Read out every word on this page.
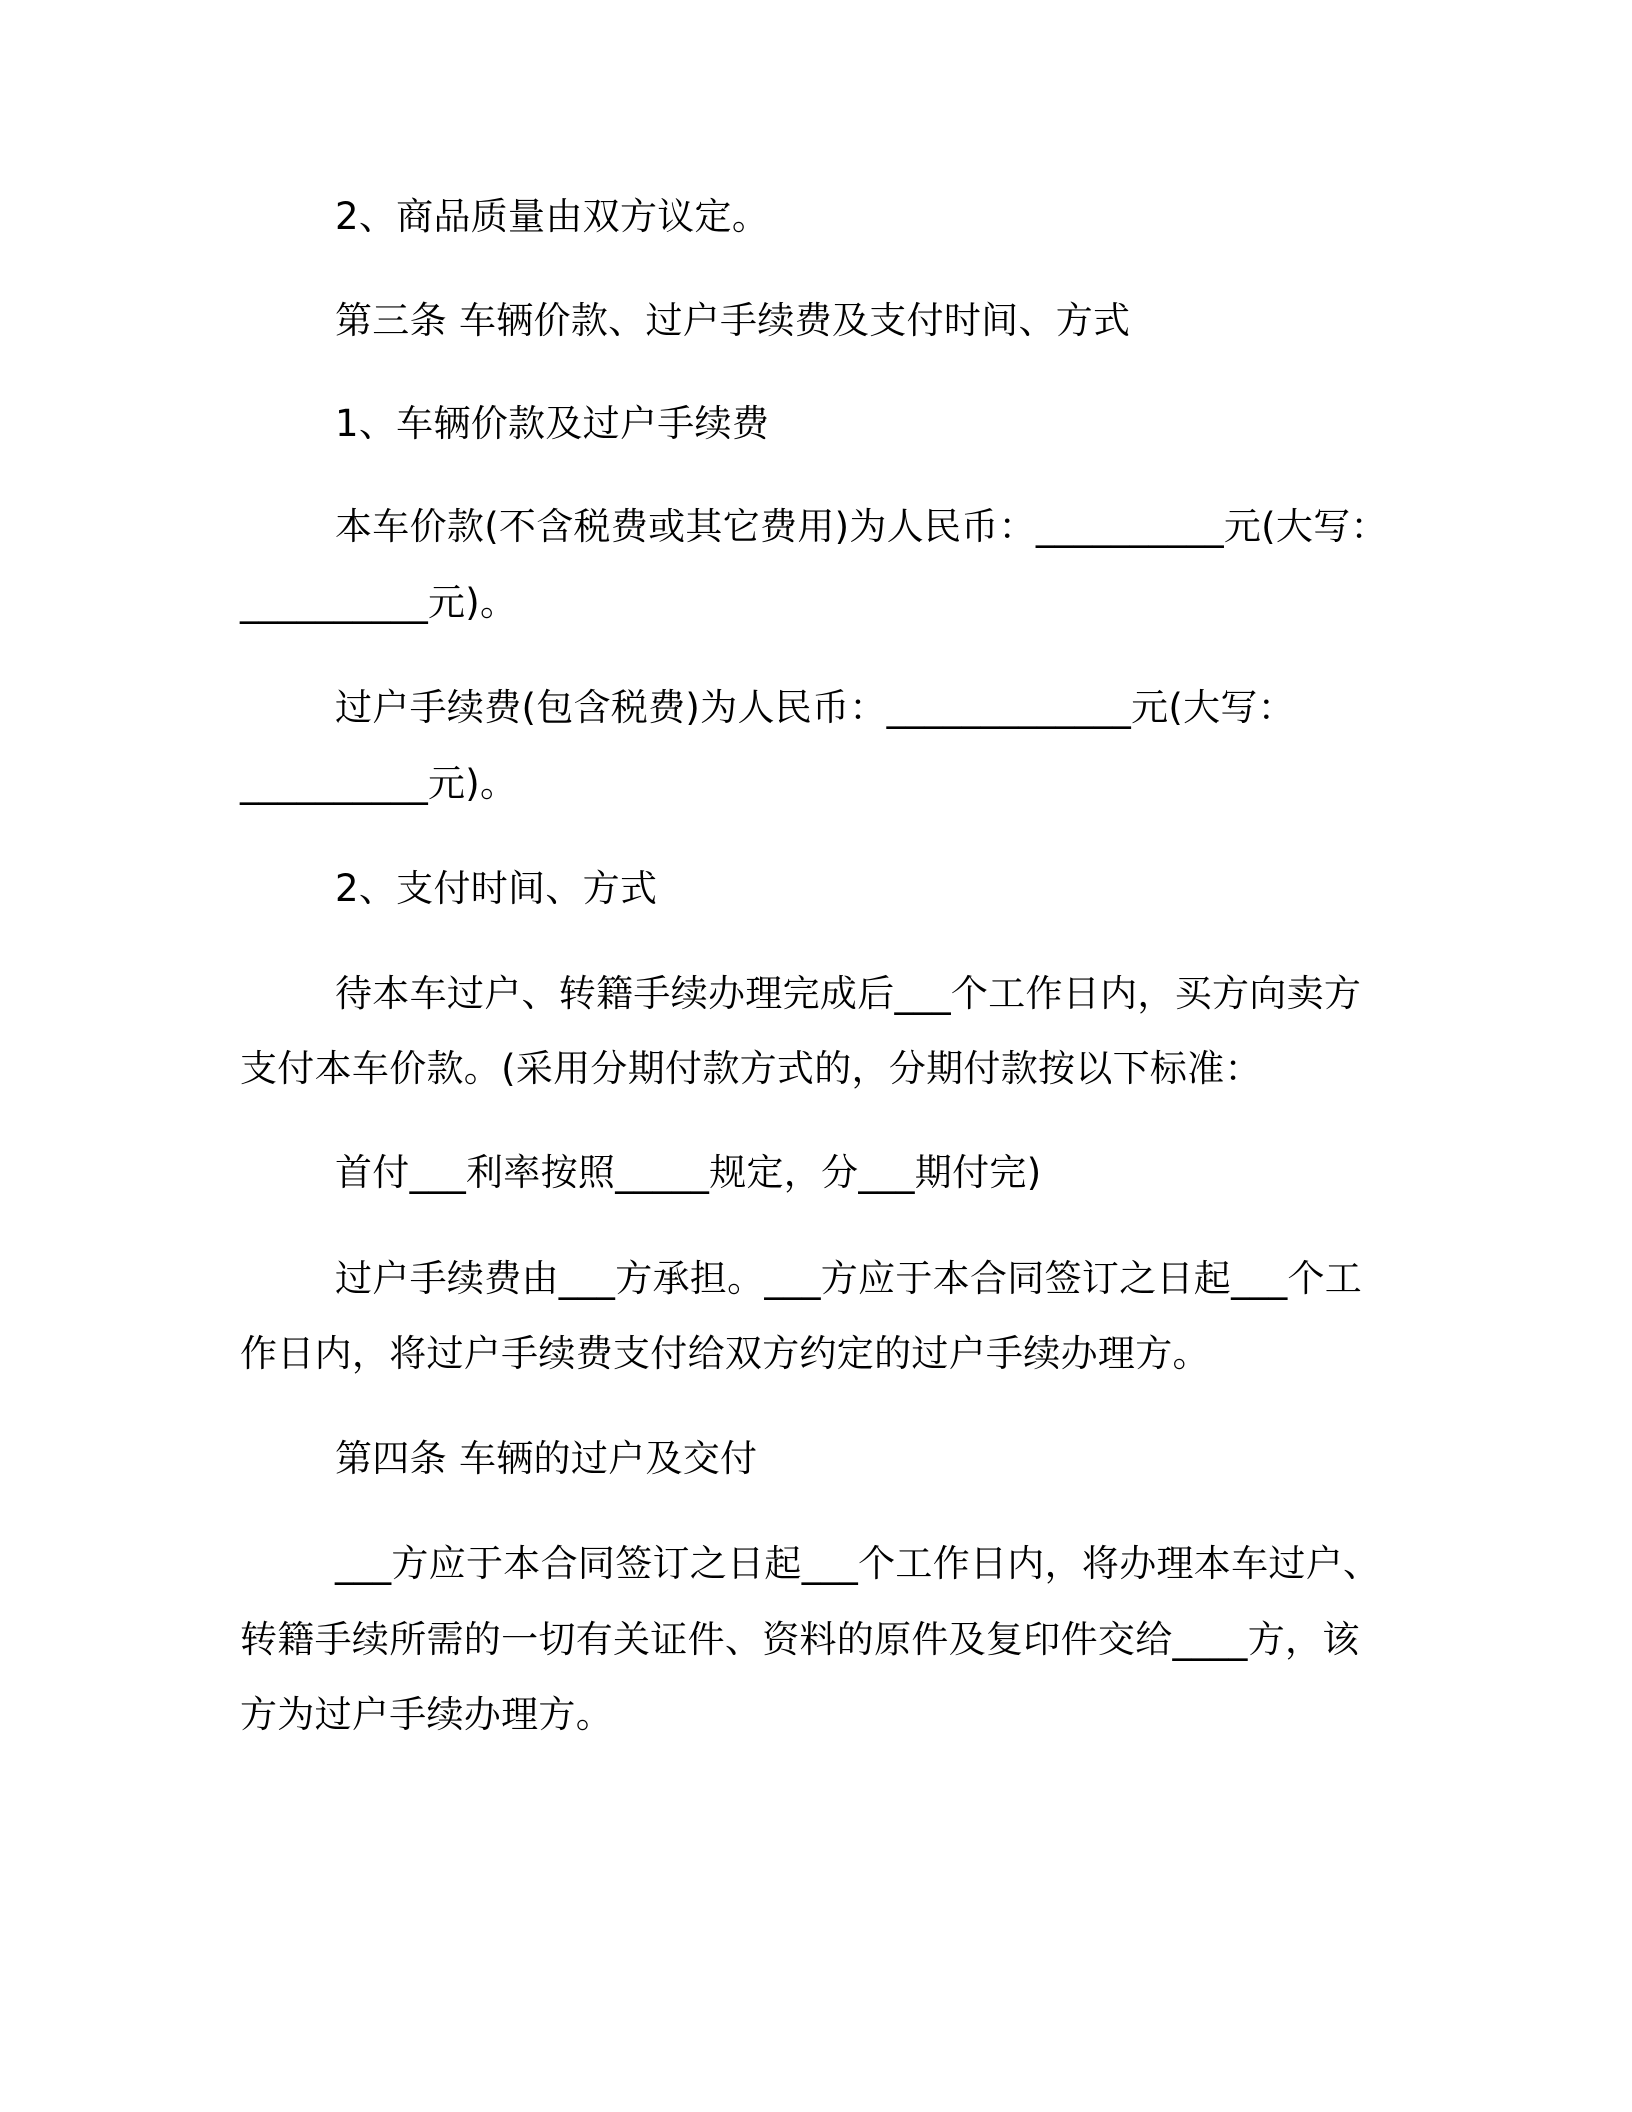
2、商品质量由双方议定。

第三条 车辆价款、过户手续费及支付时间、方式

1、车辆价款及过户手续费

本车价款(不含税费或其它费用)为人民币：__________元(大写：

__________元)。

过户手续费(包含税费)为人民币：_____________元(大写：

__________元)。

2、支付时间、方式

待本车过户、转籍手续办理完成后___个工作日内，买方向卖方

支付本车价款。(采用分期付款方式的，分期付款按以下标准：

首付___利率按照_____规定，分___期付完)

过户手续费由___方承担。___方应于本合同签订之日起___个工

作日内，将过户手续费支付给双方约定的过户手续办理方。

第四条 车辆的过户及交付

___方应于本合同签订之日起___个工作日内，将办理本车过户、

转籍手续所需的一切有关证件、资料的原件及复印件交给____方，该

方为过户手续办理方。
